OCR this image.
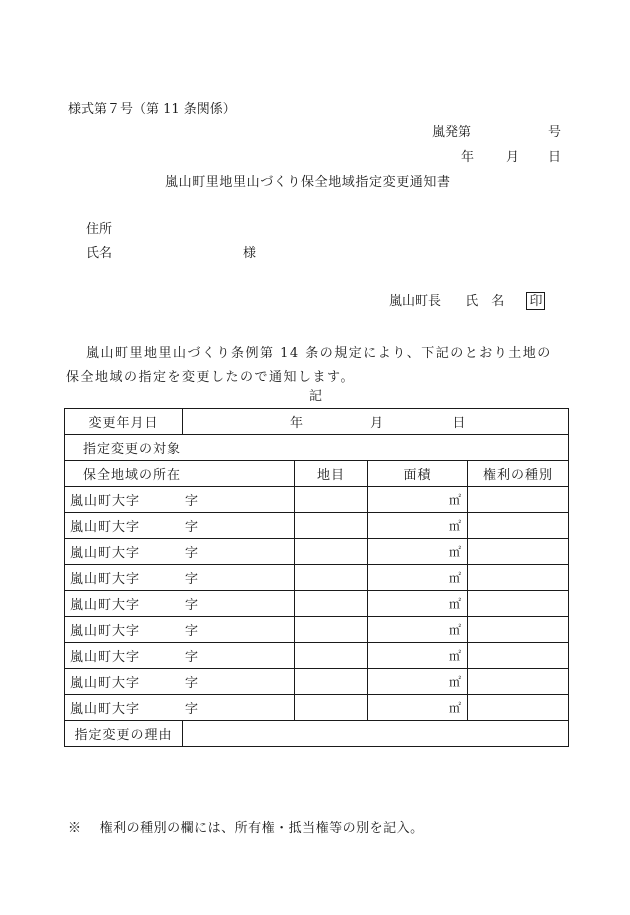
様式第７号（第 11 条関係）
嵐発第	号
年 月 日
嵐山町里地里山づくり保全地域指定変更通知書
住所
氏名	様
嵐山町長 氏　名 印
嵐山町里地里山づくり条例第 14 条の規定により、下記のとおり土地の保全地域の指定を変更したので通知します。
記
変更年月日	年 月 日			
指定変更の対象				
保全地域の所在		地目	面積	権利の種別
嵐山町大字 字			㎡	
嵐山町大字 字			㎡	
嵐山町大字 字			㎡	
嵐山町大字 字			㎡	
嵐山町大字 字			㎡	
嵐山町大字 字			㎡	
嵐山町大字 字			㎡	
嵐山町大字 字			㎡	
嵐山町大字 字			㎡	
指定変更の理由				
※　 権利の種別の欄には、所有権・抵当権等の別を記入。
